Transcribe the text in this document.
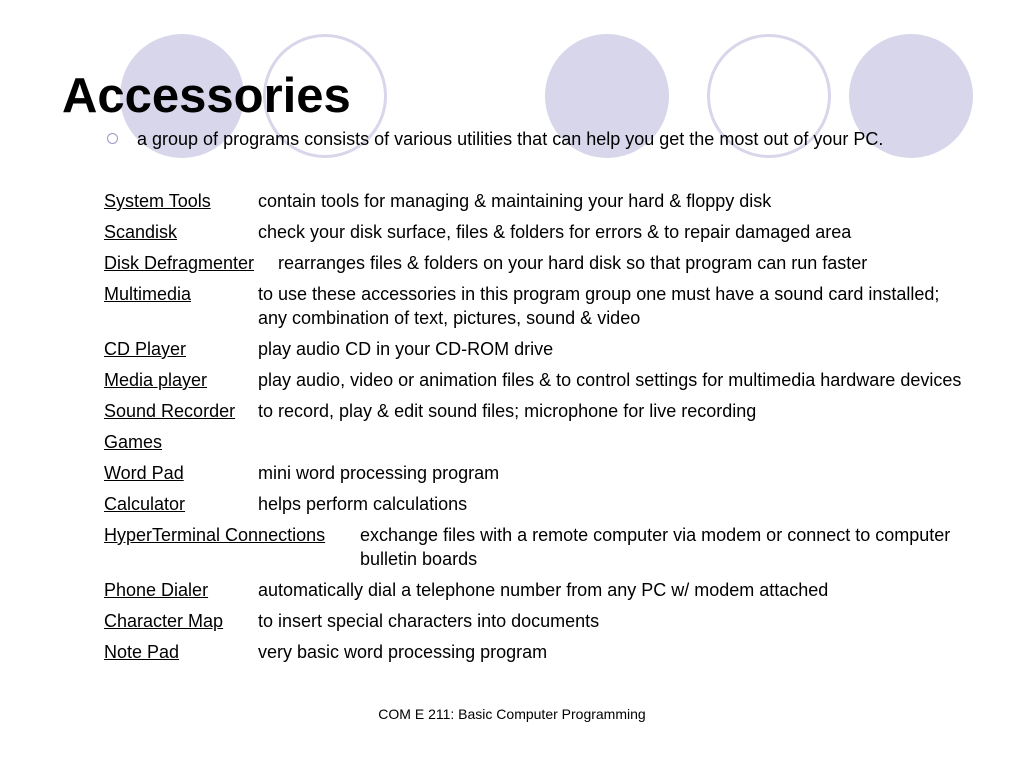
Accessories

a group of programs consists of various utilities that can help you get the most out of your PC.

System Tools	contain tools for managing & maintaining your hard & floppy disk
Scandisk	check your disk surface, files & folders for errors & to repair damaged area
Disk Defragmenter	rearranges files & folders on your hard disk so that program can run faster
Multimedia	to use these accessories in this program group one must have a sound card installed; any combination of text, pictures, sound & video
CD Player	play audio CD in your CD-ROM drive
Media player	play audio, video or animation files & to control settings for multimedia hardware devices
Sound Recorder	to record, play & edit sound files; microphone for live recording
Games
Word Pad	mini word processing program
Calculator	helps perform calculations
HyperTerminal Connections	exchange files with a remote computer via modem or connect to computer bulletin boards
Phone Dialer	automatically dial a telephone number from any PC w/ modem attached
Character Map	to insert special characters into documents
Note Pad	very basic word processing program
COM E 211: Basic Computer Programming
